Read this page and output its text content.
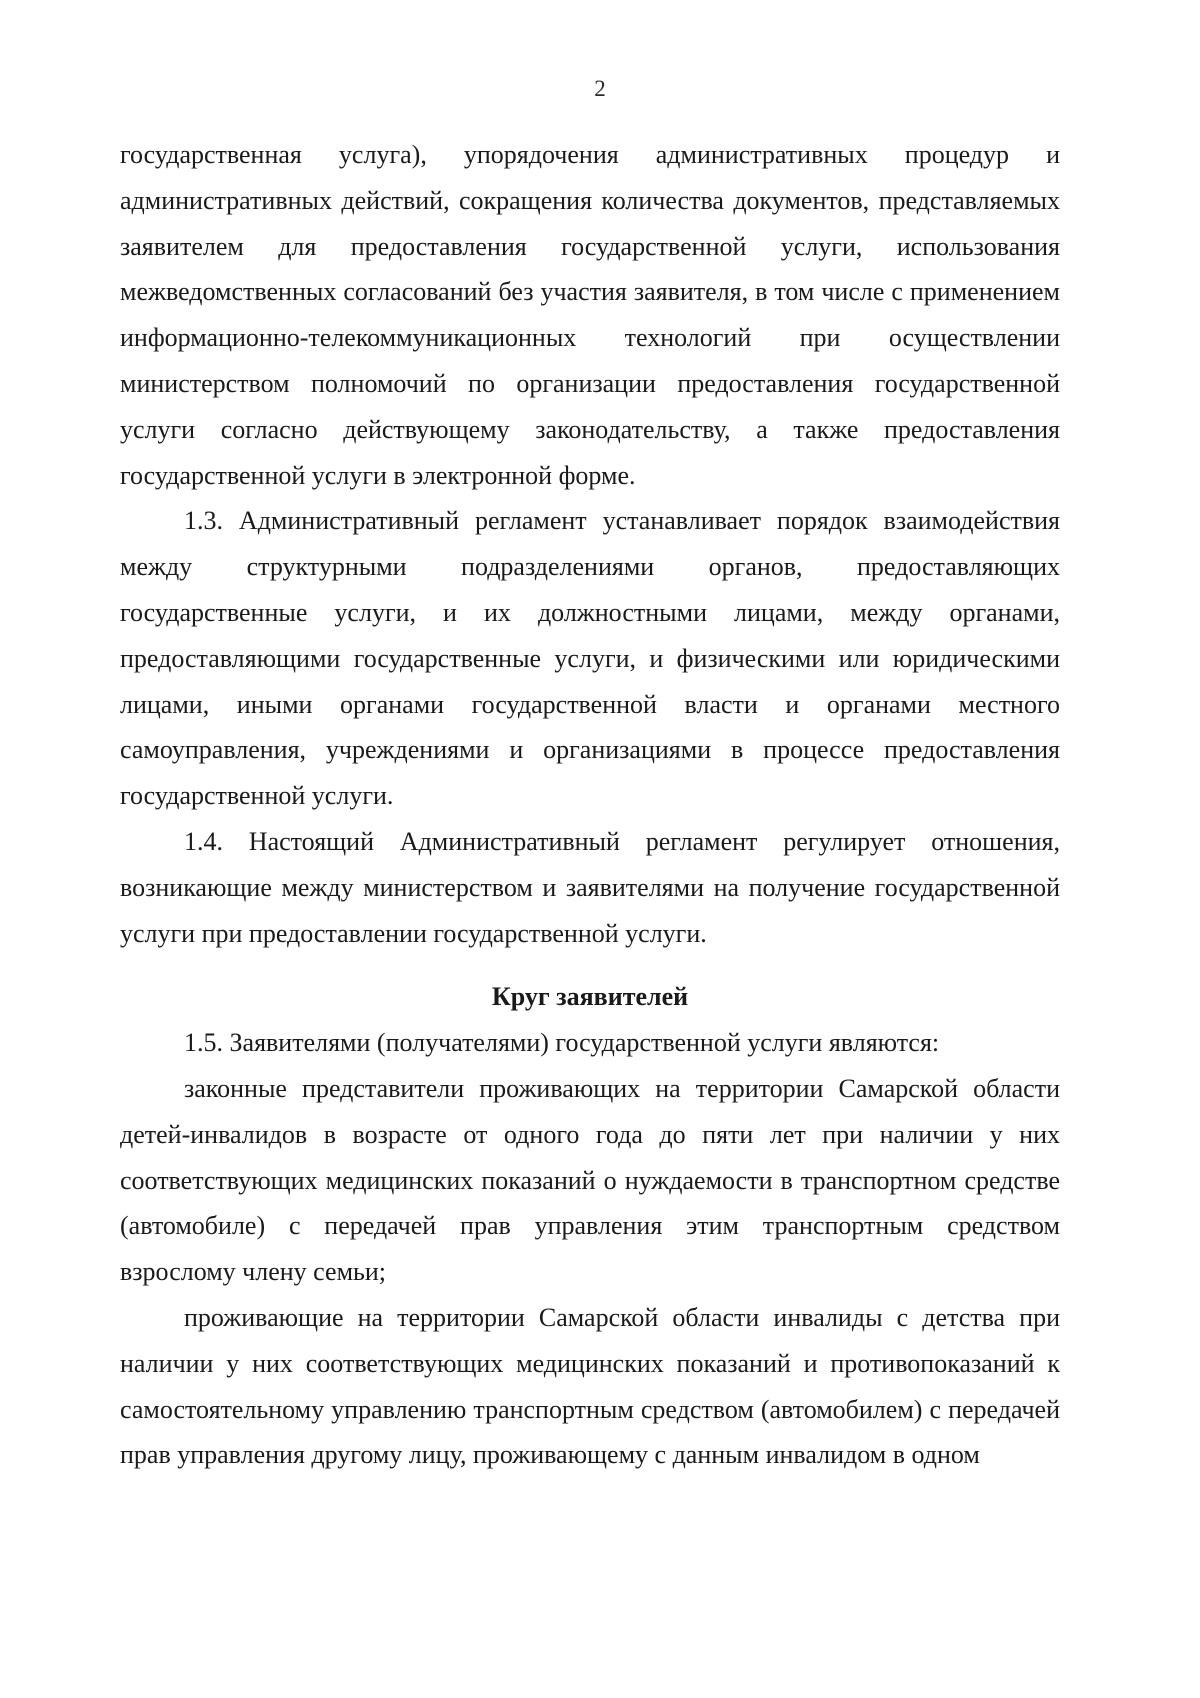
2

государственная услуга), упорядочения административных процедур и административных действий, сокращения количества документов, представляемых заявителем для предоставления государственной услуги, использования межведомственных согласований без участия заявителя, в том числе с применением информационно-телекоммуникационных технологий при осуществлении министерством полномочий по организации предоставления государственной услуги согласно действующему законодательству, а также предоставления государственной услуги в электронной форме.

1.3. Административный регламент устанавливает порядок взаимодействия между структурными подразделениями органов, предоставляющих государственные услуги, и их должностными лицами, между органами, предоставляющими государственные услуги, и физическими или юридическими лицами, иными органами государственной власти и органами местного самоуправления, учреждениями и организациями в процессе предоставления государственной услуги.

1.4. Настоящий Административный регламент регулирует отношения, возникающие между министерством и заявителями на получение государственной услуги при предоставлении государственной услуги.

Круг заявителей

1.5. Заявителями (получателями) государственной услуги являются:

законные представители проживающих на территории Самарской области детей-инвалидов в возрасте от одного года до пяти лет при наличии у них соответствующих медицинских показаний о нуждаемости в транспортном средстве (автомобиле) с передачей прав управления этим транспортным средством взрослому члену семьи;

проживающие на территории Самарской области инвалиды с детства при наличии у них соответствующих медицинских показаний и противопоказаний к самостоятельному управлению транспортным средством (автомобилем) с передачей прав управления другому лицу, проживающему с данным инвалидом в одном
